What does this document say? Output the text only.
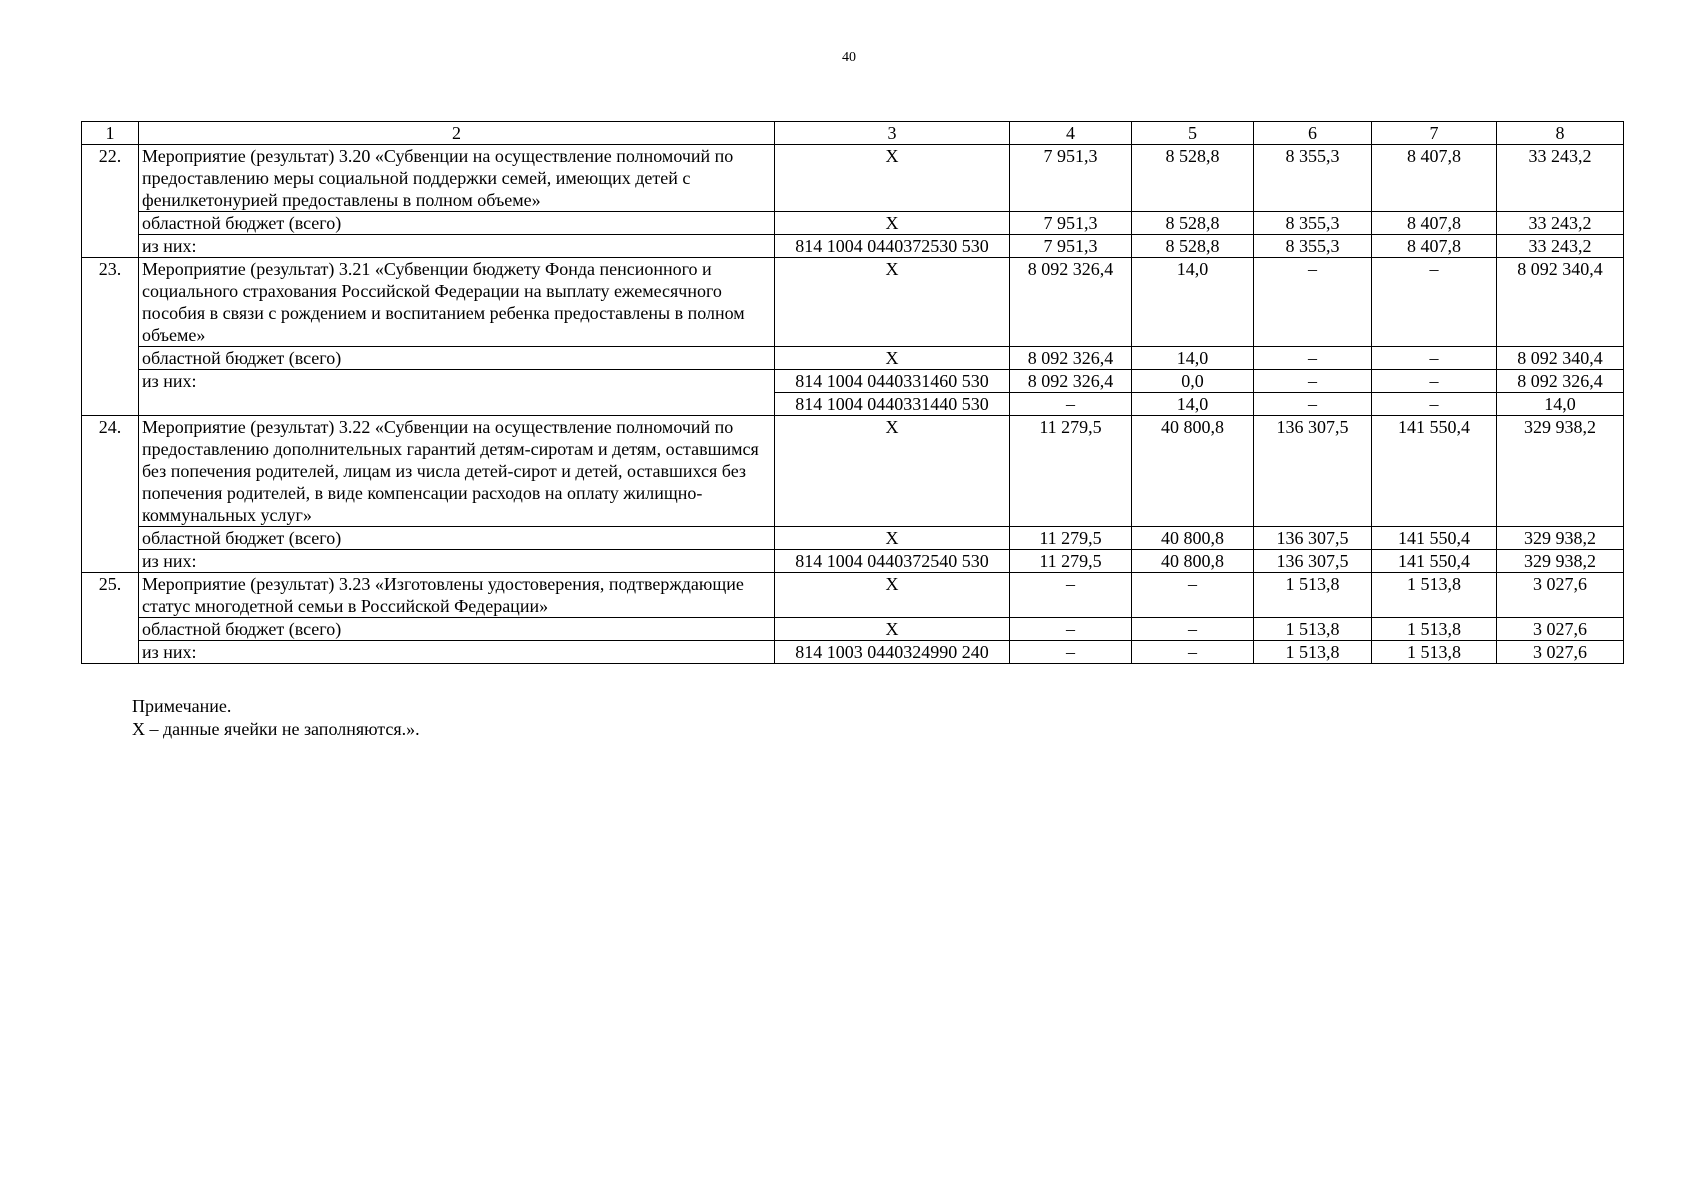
40
1	2	3	4	5	6	7	8
22.	Мероприятие (результат) 3.20 «Субвенции на осуществление полномочий по предоставлению меры социальной поддержки семей, имеющих детей с фенилкетонурией предоставлены в полном объеме»	Х	7 951,3	8 528,8	8 355,3	8 407,8	33 243,2
	областной бюджет (всего)	Х	7 951,3	8 528,8	8 355,3	8 407,8	33 243,2
	из них:	814 1004 0440372530 530	7 951,3	8 528,8	8 355,3	8 407,8	33 243,2
23.	Мероприятие (результат) 3.21 «Субвенции бюджету Фонда пенсионного и социального страхования Российской Федерации на выплату ежемесячного пособия в связи с рождением и воспитанием ребенка предоставлены в полном объеме»	Х	8 092 326,4	14,0	–	–	8 092 340,4
	областной бюджет (всего)	Х	8 092 326,4	14,0	–	–	8 092 340,4
	из них:	814 1004 0440331460 530	8 092 326,4	0,0	–	–	8 092 326,4
		814 1004 0440331440 530	–	14,0	–	–	14,0
24.	Мероприятие (результат) 3.22 «Субвенции на осуществление полномочий по предоставлению дополнительных гарантий детям-сиротам и детям, оставшимся без попечения родителей, лицам из числа детей-сирот и детей, оставшихся без попечения родителей, в виде компенсации расходов на оплату жилищно-коммунальных услуг»	Х	11 279,5	40 800,8	136 307,5	141 550,4	329 938,2
	областной бюджет (всего)	Х	11 279,5	40 800,8	136 307,5	141 550,4	329 938,2
	из них:	814 1004 0440372540 530	11 279,5	40 800,8	136 307,5	141 550,4	329 938,2
25.	Мероприятие (результат) 3.23 «Изготовлены удостоверения, подтверждающие статус многодетной семьи в Российской Федерации»	Х	–	–	1 513,8	1 513,8	3 027,6
	областной бюджет (всего)	Х	–	–	1 513,8	1 513,8	3 027,6
	из них:	814 1003 0440324990 240	–	–	1 513,8	1 513,8	3 027,6
Примечание.
Х – данные ячейки не заполняются.».
